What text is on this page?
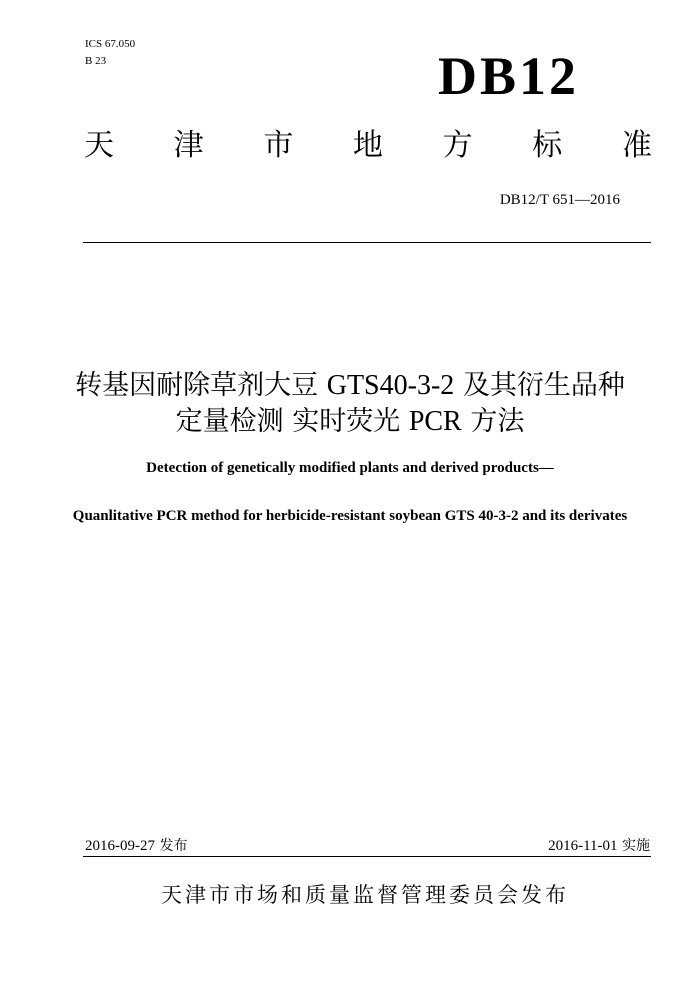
ICS 67.050
B 23	DB12
天 津 市 地 方 标 准
DB12/T 651—2016
转基因耐除草剂大豆 GTS40-3-2 及其衍生品种
定量检测 实时荧光 PCR 方法
Detection of genetically modified plants and derived products—
Quanlitative PCR method for herbicide-resistant soybean GTS 40-3-2 and its derivates
2016-09-27 发布	2016-11-01 实施
天津市市场和质量监督管理委员会发布
